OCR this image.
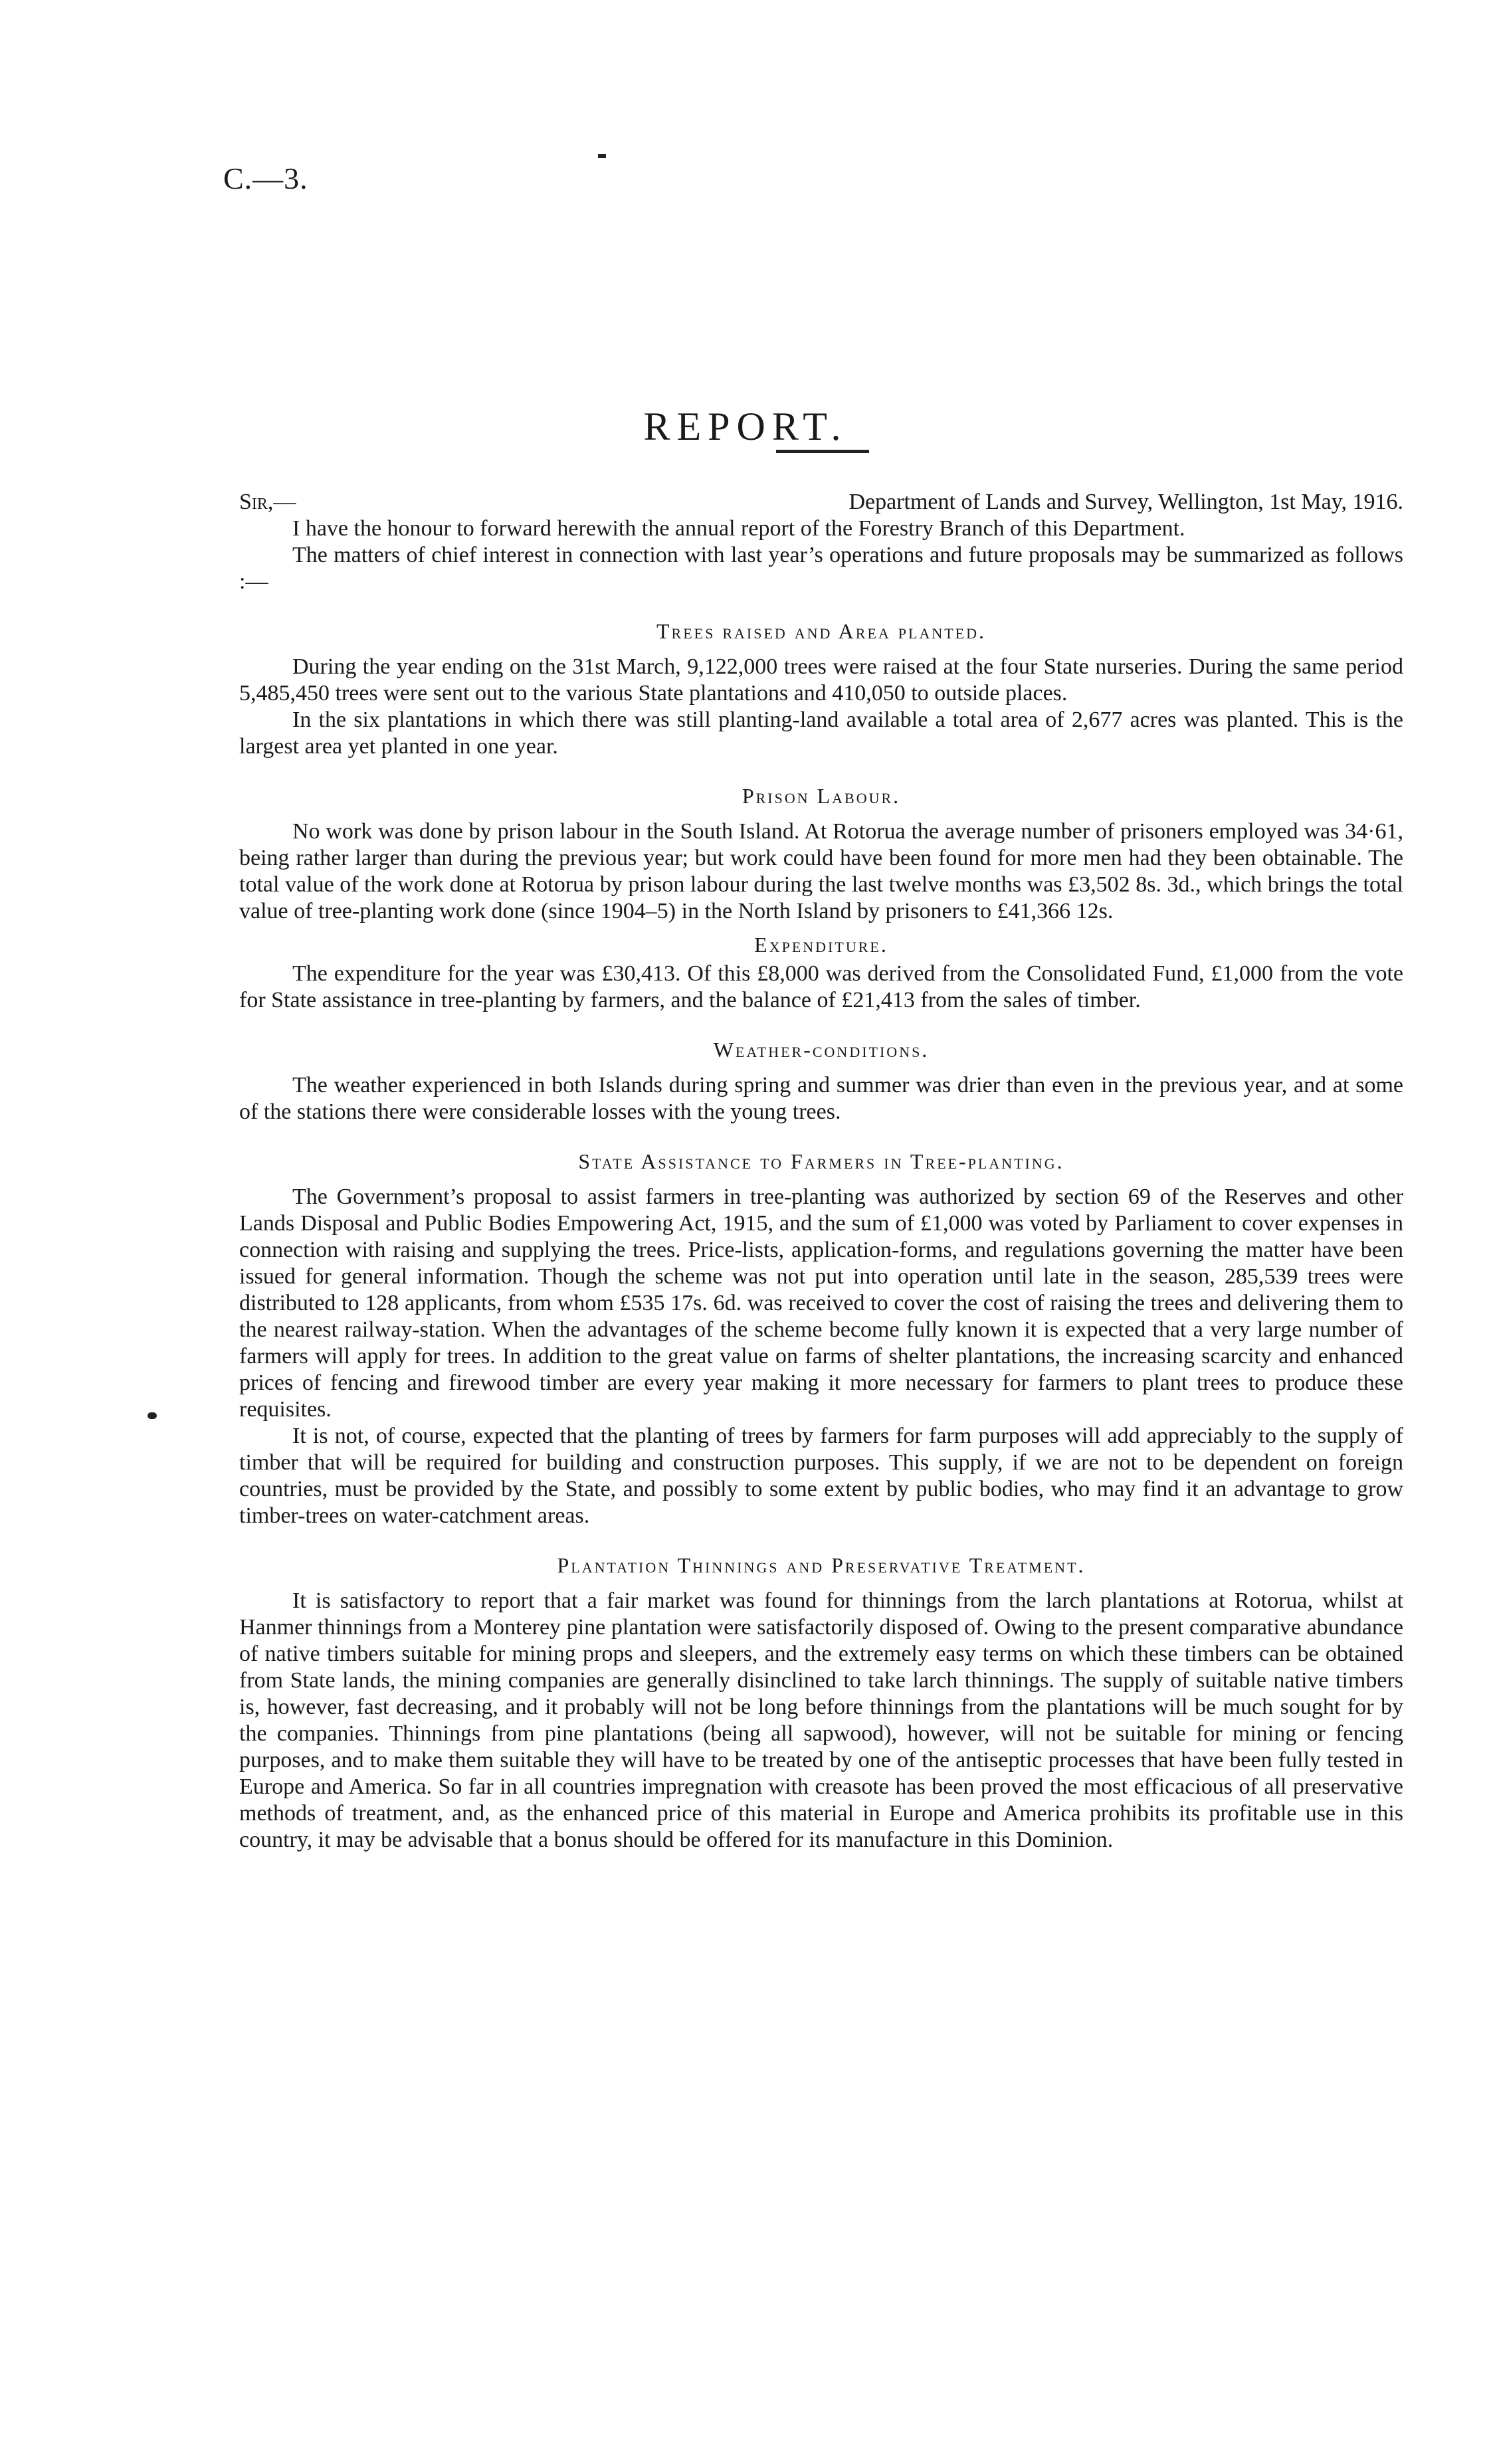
C.—3.
REPORT.
Sir,—	Department of Lands and Survey, Wellington, 1st May, 1916.

I have the honour to forward herewith the annual report of the Forestry Branch of this Department.

The matters of chief interest in connection with last year’s operations and future proposals may be summarized as follows :—

Trees raised and Area planted.

During the year ending on the 31st March, 9,122,000 trees were raised at the four State nurseries. During the same period 5,485,450 trees were sent out to the various State plantations and 410,050 to outside places.

In the six plantations in which there was still planting-land available a total area of 2,677 acres was planted. This is the largest area yet planted in one year.

Prison Labour.

No work was done by prison labour in the South Island. At Rotorua the average number of prisoners employed was 34·61, being rather larger than during the previous year; but work could have been found for more men had they been obtainable. The total value of the work done at Rotorua by prison labour during the last twelve months was £3,502 8s. 3d., which brings the total value of tree-planting work done (since 1904–5) in the North Island by prisoners to £41,366 12s.

Expenditure.

The expenditure for the year was £30,413. Of this £8,000 was derived from the Consolidated Fund, £1,000 from the vote for State assistance in tree-planting by farmers, and the balance of £21,413 from the sales of timber.

Weather-conditions.

The weather experienced in both Islands during spring and summer was drier than even in the previous year, and at some of the stations there were considerable losses with the young trees.

State Assistance to Farmers in Tree-planting.

The Government’s proposal to assist farmers in tree-planting was authorized by section 69 of the Reserves and other Lands Disposal and Public Bodies Empowering Act, 1915, and the sum of £1,000 was voted by Parliament to cover expenses in connection with raising and supplying the trees. Price-lists, application-forms, and regulations governing the matter have been issued for general information. Though the scheme was not put into operation until late in the season, 285,539 trees were distributed to 128 applicants, from whom £535 17s. 6d. was received to cover the cost of raising the trees and delivering them to the nearest railway-station. When the advantages of the scheme become fully known it is expected that a very large number of farmers will apply for trees. In addition to the great value on farms of shelter plantations, the increasing scarcity and enhanced prices of fencing and firewood timber are every year making it more necessary for farmers to plant trees to produce these requisites.

It is not, of course, expected that the planting of trees by farmers for farm purposes will add appreciably to the supply of timber that will be required for building and construction purposes. This supply, if we are not to be dependent on foreign countries, must be provided by the State, and possibly to some extent by public bodies, who may find it an advantage to grow timber-trees on water-catchment areas.

Plantation Thinnings and Preservative Treatment.

It is satisfactory to report that a fair market was found for thinnings from the larch plantations at Rotorua, whilst at Hanmer thinnings from a Monterey pine plantation were satisfactorily disposed of. Owing to the present comparative abundance of native timbers suitable for mining props and sleepers, and the extremely easy terms on which these timbers can be obtained from State lands, the mining companies are generally disinclined to take larch thinnings. The supply of suitable native timbers is, however, fast decreasing, and it probably will not be long before thinnings from the plantations will be much sought for by the companies. Thinnings from pine plantations (being all sapwood), however, will not be suitable for mining or fencing purposes, and to make them suitable they will have to be treated by one of the antiseptic processes that have been fully tested in Europe and America. So far in all countries impregnation with creasote has been proved the most efficacious of all preservative methods of treatment, and, as the enhanced price of this material in Europe and America prohibits its profitable use in this country, it may be advisable that a bonus should be offered for its manufacture in this Dominion.
